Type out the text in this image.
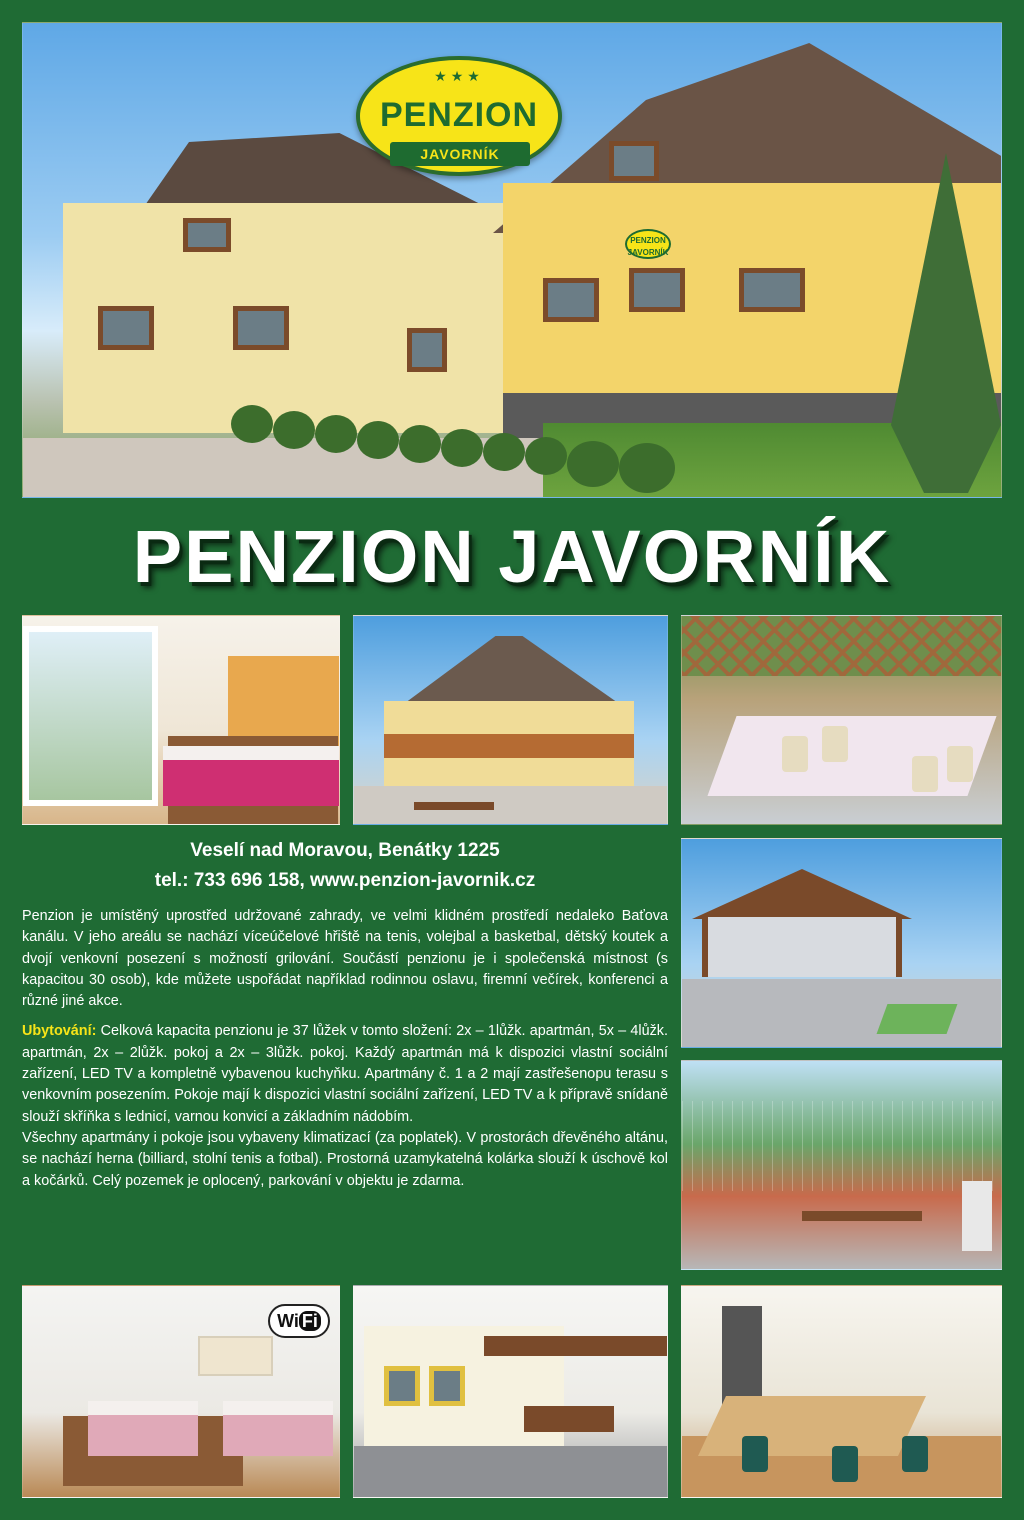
PENZION
JAVORNÍK
★★★
PENZION
JAVORNÍK
PENZION JAVORNÍK
Veselí nad Moravou, Benátky 1225
tel.: 733 696 158, www.penzion-javornik.cz

Penzion je umístěný uprostřed udržované zahrady, ve velmi klidném prostředí nedaleko Baťova kanálu. V jeho areálu se nachází víceúčelové hřiště na tenis, volejbal a basketbal, dětský koutek a dvojí venkovní posezení s možností grilování. Součástí penzionu je i společenská místnost (s kapacitou 30 osob), kde můžete uspořádat například rodinnou oslavu, firemní večírek, konferenci a různé jiné akce.

Ubytování: Celková kapacita penzionu je 37 lůžek v tomto složení: 2x – 1lůžk. apartmán, 5x – 4lůžk. apartmán, 2x – 2lůžk. pokoj a 2x – 3lůžk. pokoj. Každý apartmán má k dispozici vlastní sociální zařízení, LED TV a kompletně vybavenou kuchyňku. Apartmány č. 1 a 2 mají zastřešenopu terasu s venkovním posezením. Pokoje mají k dispozici vlastní sociální zařízení, LED TV a k přípravě snídaně slouží skříňka s lednicí, varnou konvicí a základním nádobím.
Všechny apartmány i pokoje jsou vybaveny klimatizací (za poplatek). V prostorách dřevěného altánu, se nachází herna (billiard, stolní tenis a fotbal). Prostorná uzamykatelná kolárka slouží k úschově kol a kočárků. Celý pozemek je oplocený, parkování v objektu je zdarma.

Wi Fi
